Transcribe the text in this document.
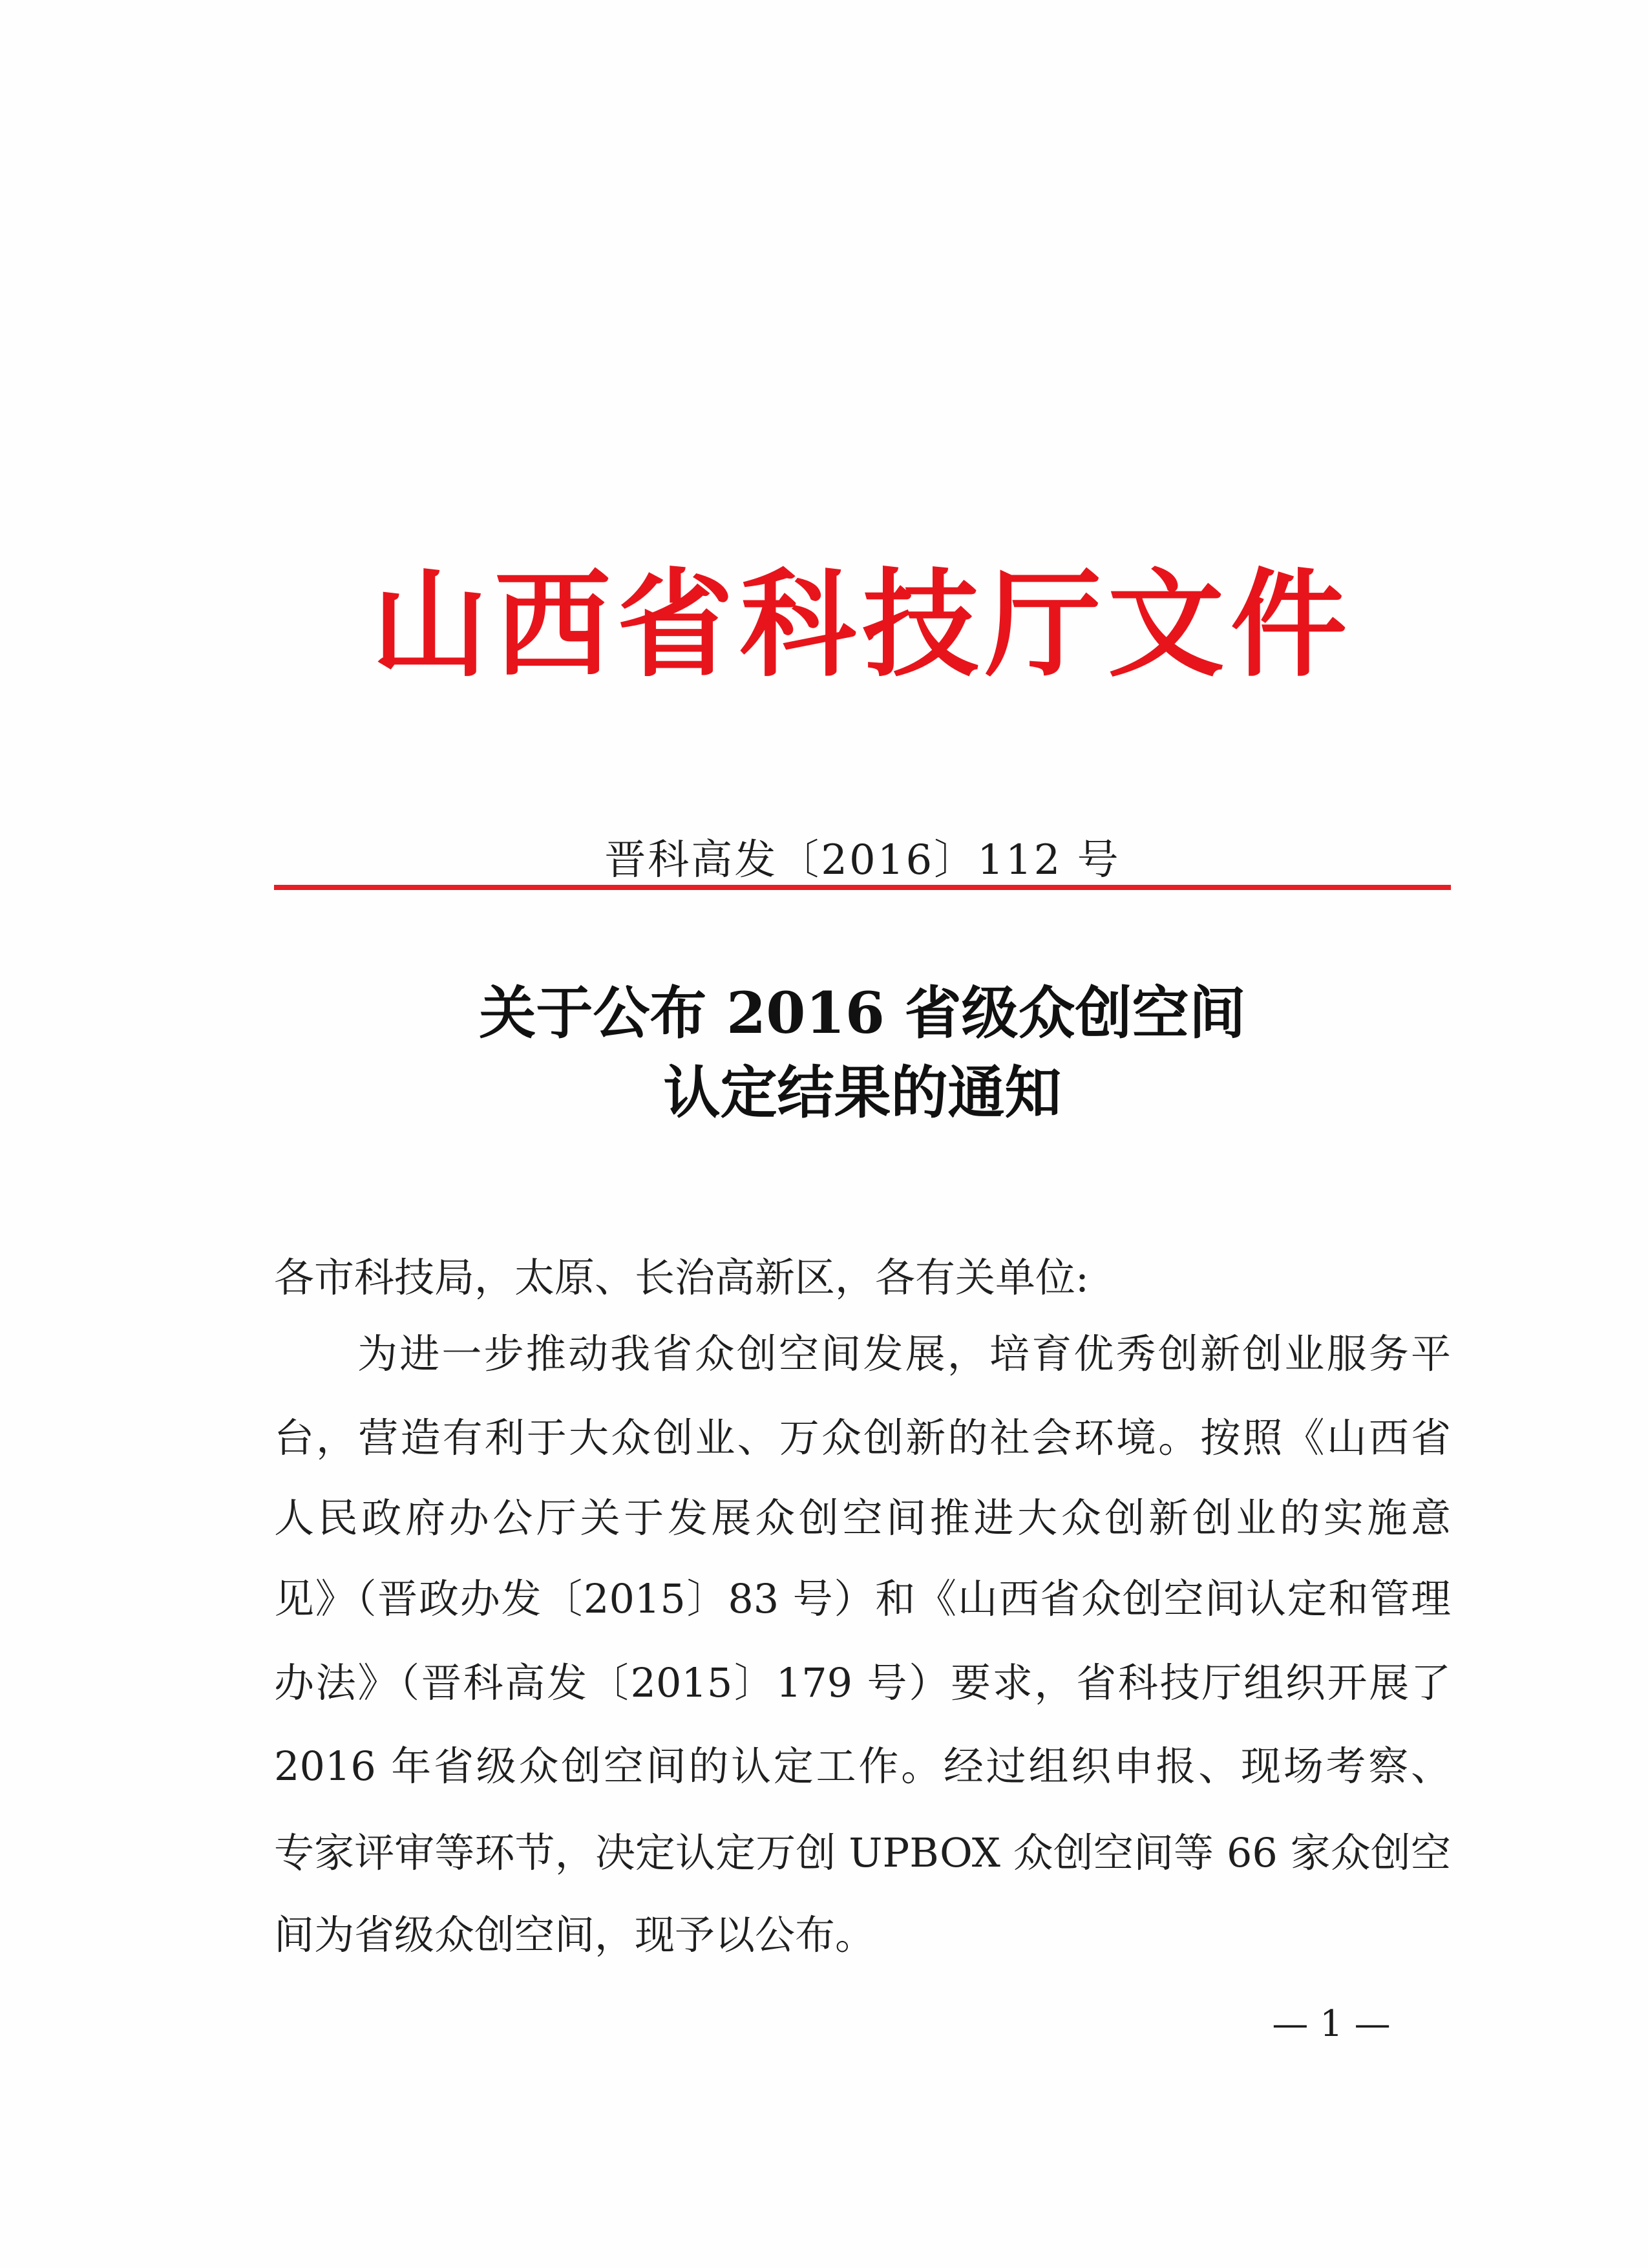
山西省科技厅文件
晋科高发〔2016〕112 号
关于公布 2016 省级众创空间
认定结果的通知
各市科技局，太原、长治高新区，各有关单位:
为进一步推动我省众创空间发展，培育优秀创新创业服务平
台，营造有利于大众创业、万众创新的社会环境。按照《山西省
人民政府办公厅关于发展众创空间推进大众创新创业的实施意
见》（晋政办发〔2015〕83 号）和《山西省众创空间认定和管理
办法》（晋科高发〔2015〕179 号）要求，省科技厅组织开展了
2016 年省级众创空间的认定工作。经过组织申报、现场考察、
专家评审等环节，决定认定万创 UPBOX 众创空间等 66 家众创空
间为省级众创空间，现予以公布。
— 1 —
